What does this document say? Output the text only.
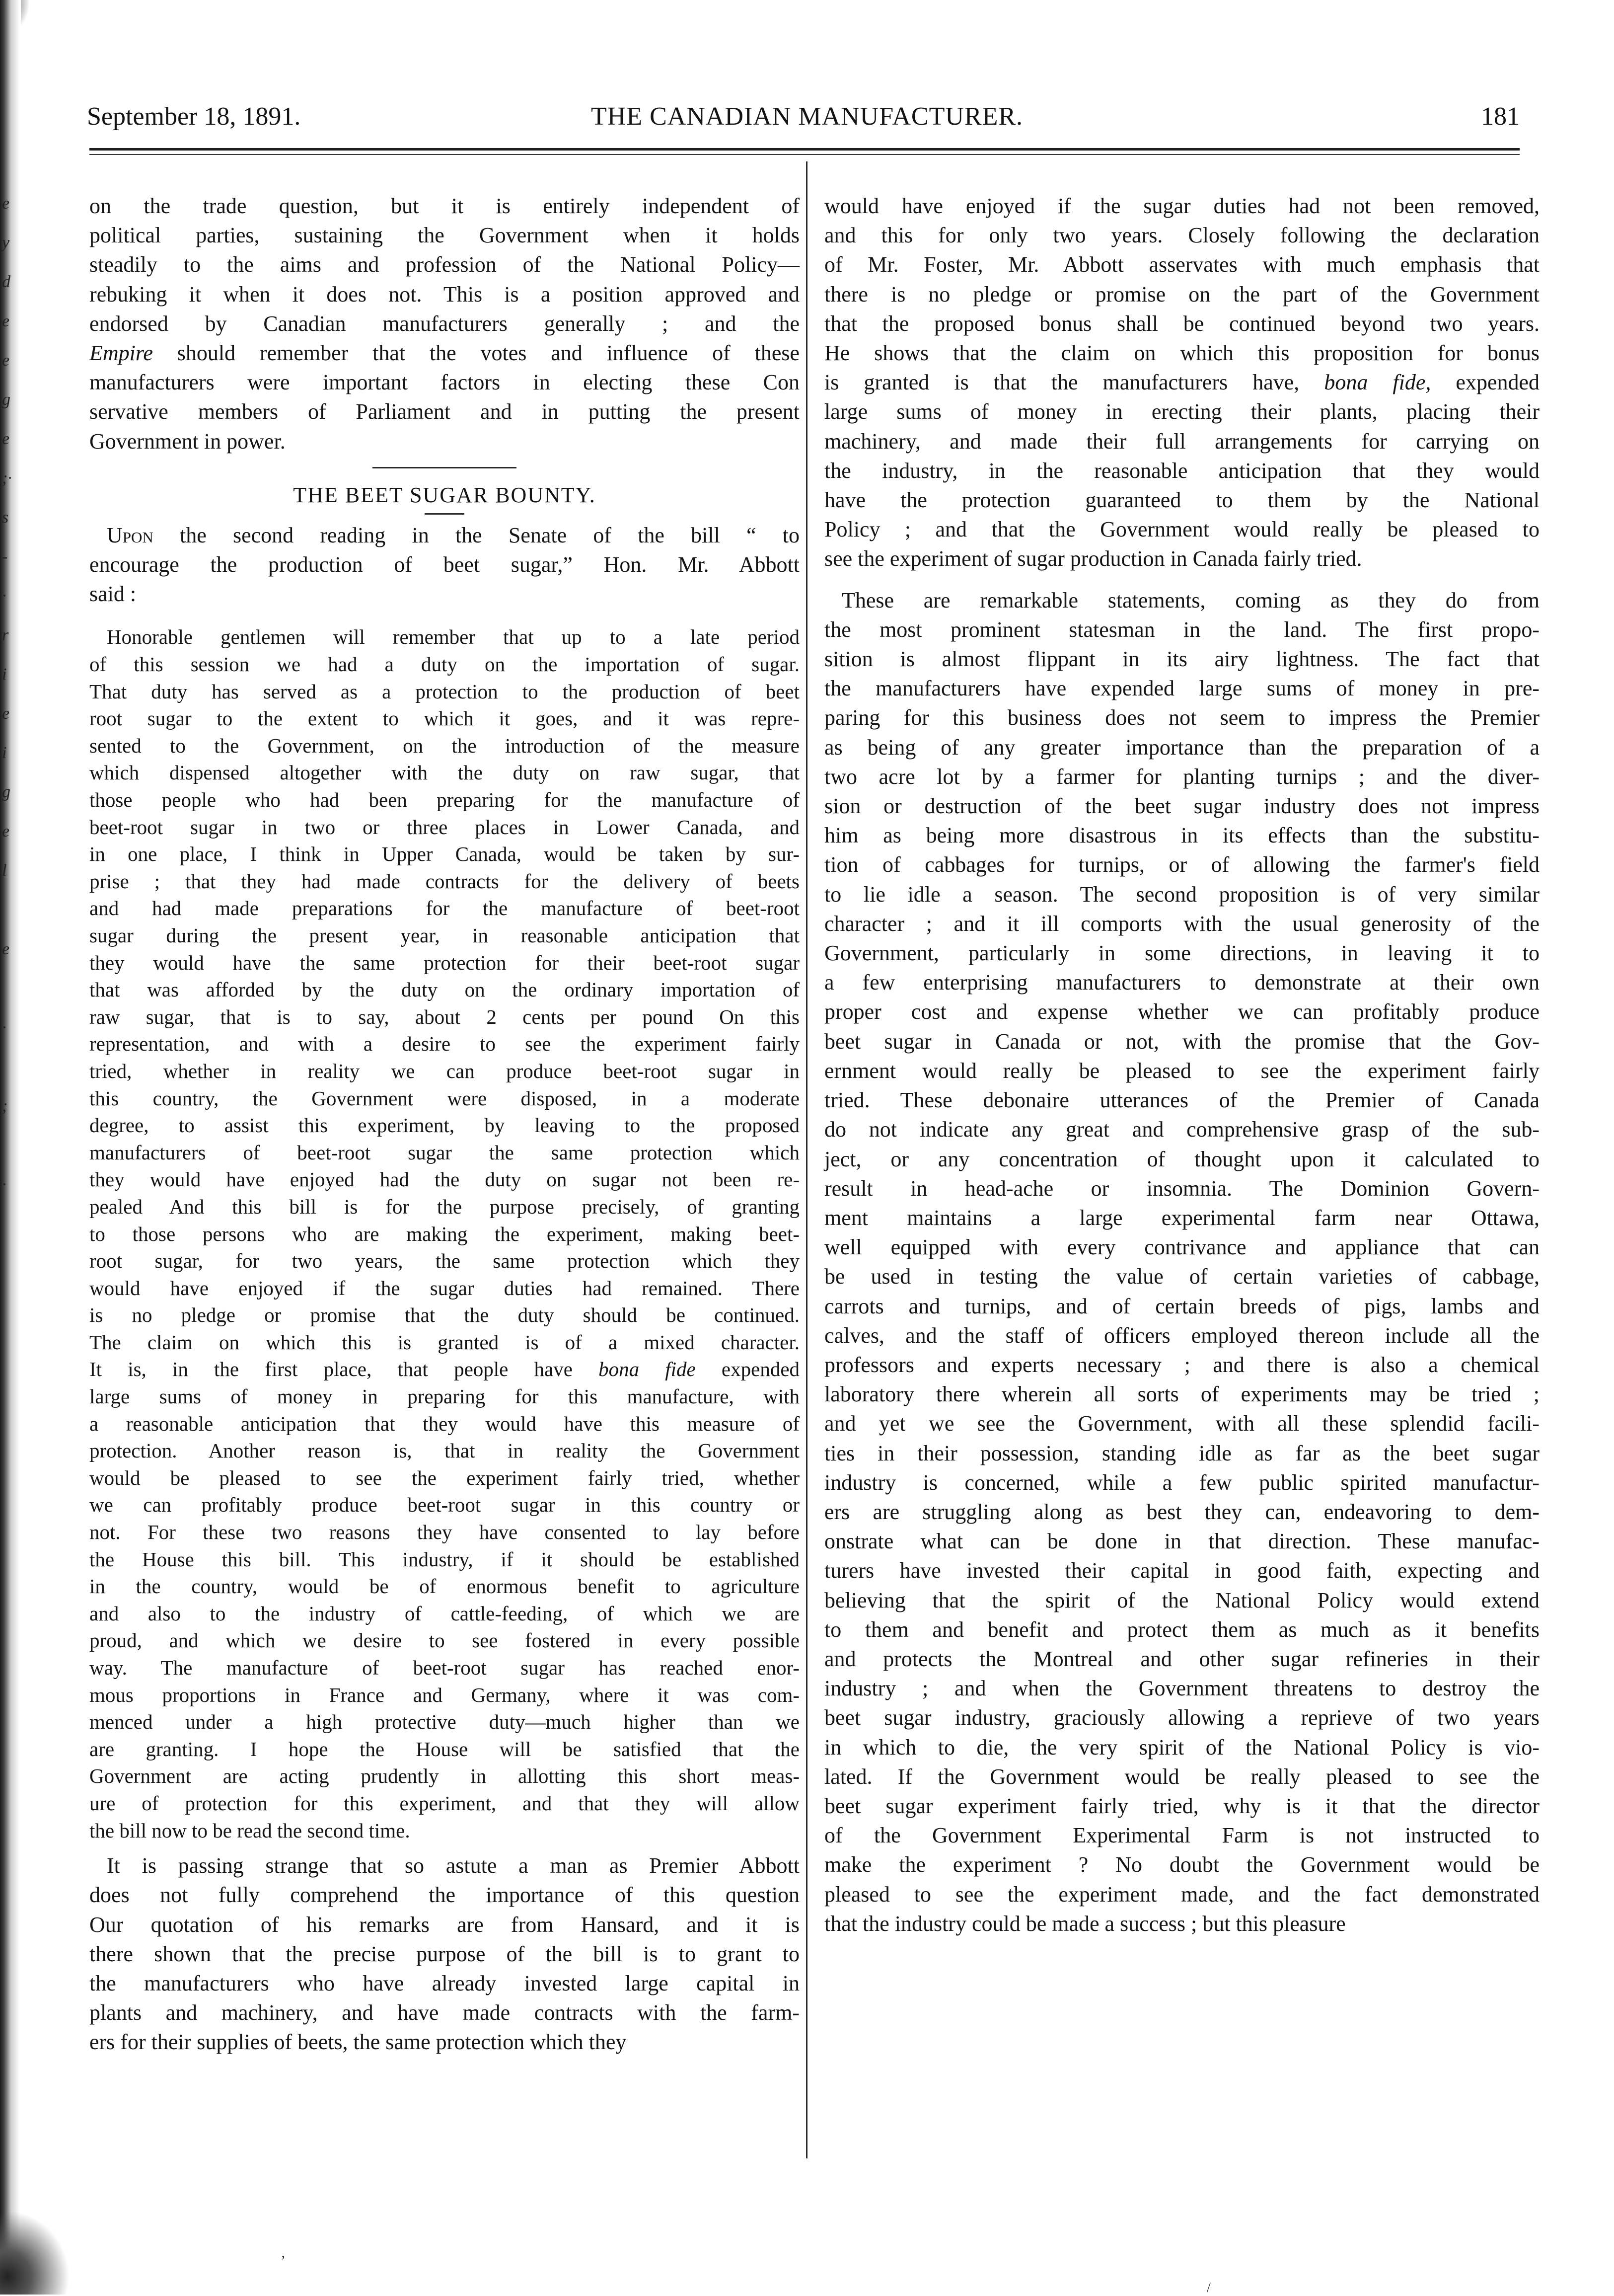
e
y
d
e
e
g
e
;·
s
-
·
r
i
e
i
g
e
l

e

·

;

·
September 18, 1891.	THE CANADIAN MANUFACTURER.	181
on the trade question, but it is entirely independent of
political parties, sustaining the Government when it holds
steadily to the aims and profession of the National Policy—
rebuking it when it does not. This is a position approved and
endorsed by Canadian manufacturers generally ; and the
Empire should remember that the votes and influence of these
manufacturers were important factors in electing these Con
servative members of Parliament and in putting the present
Government in power.
THE BEET SUGAR BOUNTY.
Upon the second reading in the Senate of the bill “ to
encourage the production of beet sugar,” Hon. Mr. Abbott
said :
Honorable gentlemen will remember that up to a late period
of this session we had a duty on the importation of sugar.
That duty has served as a protection to the production of beet
root sugar to the extent to which it goes, and it was repre-
sented to the Government, on the introduction of the measure
which dispensed altogether with the duty on raw sugar, that
those people who had been preparing for the manufacture of
beet-root sugar in two or three places in Lower Canada, and
in one place, I think in Upper Canada, would be taken by sur-
prise ; that they had made contracts for the delivery of beets
and had made preparations for the manufacture of beet-root
sugar during the present year, in reasonable anticipation that
they would have the same protection for their beet-root sugar
that was afforded by the duty on the ordinary importation of
raw sugar, that is to say, about 2 cents per pound On this
representation, and with a desire to see the experiment fairly
tried, whether in reality we can produce beet-root sugar in
this country, the Government were disposed, in a moderate
degree, to assist this experiment, by leaving to the proposed
manufacturers of beet-root sugar the same protection which
they would have enjoyed had the duty on sugar not been re-
pealed And this bill is for the purpose precisely, of granting
to those persons who are making the experiment, making beet-
root sugar, for two years, the same protection which they
would have enjoyed if the sugar duties had remained. There
is no pledge or promise that the duty should be continued.
The claim on which this is granted is of a mixed character.
It is, in the first place, that people have bona fide expended
large sums of money in preparing for this manufacture, with
a reasonable anticipation that they would have this measure of
protection. Another reason is, that in reality the Government
would be pleased to see the experiment fairly tried, whether
we can profitably produce beet-root sugar in this country or
not. For these two reasons they have consented to lay before
the House this bill. This industry, if it should be established
in the country, would be of enormous benefit to agriculture
and also to the industry of cattle-feeding, of which we are
proud, and which we desire to see fostered in every possible
way. The manufacture of beet-root sugar has reached enor-
mous proportions in France and Germany, where it was com-
menced under a high protective duty—much higher than we
are granting. I hope the House will be satisfied that the
Government are acting prudently in allotting this short meas-
ure of protection for this experiment, and that they will allow
the bill now to be read the second time.
It is passing strange that so astute a man as Premier Abbott
does not fully comprehend the importance of this question
Our quotation of his remarks are from Hansard, and it is
there shown that the precise purpose of the bill is to grant to
the manufacturers who have already invested large capital in
plants and machinery, and have made contracts with the farm-
ers for their supplies of beets, the same protection which they
would have enjoyed if the sugar duties had not been removed,
and this for only two years. Closely following the declaration
of Mr. Foster, Mr. Abbott asservates with much emphasis that
there is no pledge or promise on the part of the Government
that the proposed bonus shall be continued beyond two years.
He shows that the claim on which this proposition for bonus
is granted is that the manufacturers have, bona fide, expended
large sums of money in erecting their plants, placing their
machinery, and made their full arrangements for carrying on
the industry, in the reasonable anticipation that they would
have the protection guaranteed to them by the National
Policy ; and that the Government would really be pleased to
see the experiment of sugar production in Canada fairly tried.
These are remarkable statements, coming as they do from
the most prominent statesman in the land. The first propo-
sition is almost flippant in its airy lightness. The fact that
the manufacturers have expended large sums of money in pre-
paring for this business does not seem to impress the Premier
as being of any greater importance than the preparation of a
two acre lot by a farmer for planting turnips ; and the diver-
sion or destruction of the beet sugar industry does not impress
him as being more disastrous in its effects than the substitu-
tion of cabbages for turnips, or of allowing the farmer's field
to lie idle a season. The second proposition is of very similar
character ; and it ill comports with the usual generosity of the
Government, particularly in some directions, in leaving it to
a few enterprising manufacturers to demonstrate at their own
proper cost and expense whether we can profitably produce
beet sugar in Canada or not, with the promise that the Gov-
ernment would really be pleased to see the experiment fairly
tried. These debonaire utterances of the Premier of Canada
do not indicate any great and comprehensive grasp of the sub-
ject, or any concentration of thought upon it calculated to
result in head-ache or insomnia. The Dominion Govern-
ment maintains a large experimental farm near Ottawa,
well equipped with every contrivance and appliance that can
be used in testing the value of certain varieties of cabbage,
carrots and turnips, and of certain breeds of pigs, lambs and
calves, and the staff of officers employed thereon include all the
professors and experts necessary ; and there is also a chemical
laboratory there wherein all sorts of experiments may be tried ;
and yet we see the Government, with all these splendid facili-
ties in their possession, standing idle as far as the beet sugar
industry is concerned, while a few public spirited manufactur-
ers are struggling along as best they can, endeavoring to dem-
onstrate what can be done in that direction. These manufac-
turers have invested their capital in good faith, expecting and
believing that the spirit of the National Policy would extend
to them and benefit and protect them as much as it benefits
and protects the Montreal and other sugar refineries in their
industry ; and when the Government threatens to destroy the
beet sugar industry, graciously allowing a reprieve of two years
in which to die, the very spirit of the National Policy is vio-
lated. If the Government would be really pleased to see the
beet sugar experiment fairly tried, why is it that the director
of the Government Experimental Farm is not instructed to
make the experiment ? No doubt the Government would be
pleased to see the experiment made, and the fact demonstrated
that the industry could be made a success ; but this pleasure
ʼ
/
